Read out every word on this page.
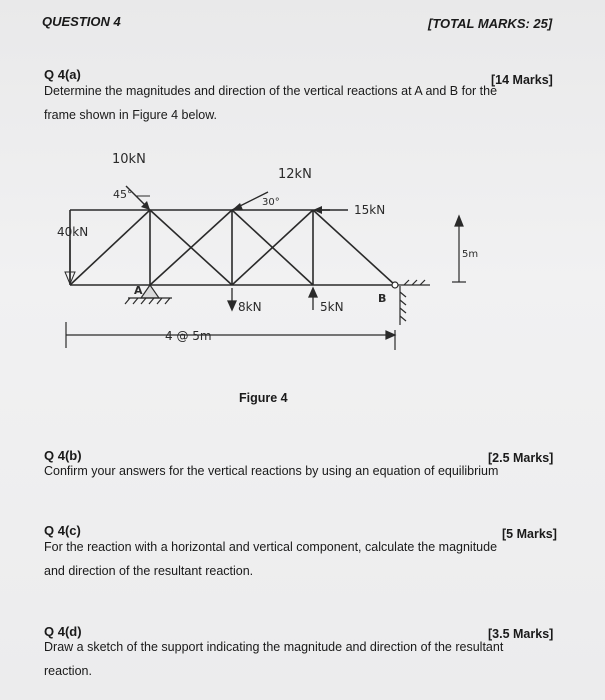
QUESTION 4	[TOTAL MARKS: 25]
Q 4(a)	[14 Marks]
Determine the magnitudes and direction of the vertical reactions at A and B for the
frame shown in Figure 4 below.
10kN
45°
12kN
30°
15kN
40kN
5m
A
B
8kN	5kN
4 @ 5m
Figure 4
Q 4(b)	[2.5 Marks]
Confirm your answers for the vertical reactions by using an equation of equilibrium
Q 4(c)	[5 Marks]
For the reaction with a horizontal and vertical component, calculate the magnitude
and direction of the resultant reaction.
Q 4(d)	[3.5 Marks]
Draw a sketch of the support indicating the magnitude and direction of the resultant
reaction.
